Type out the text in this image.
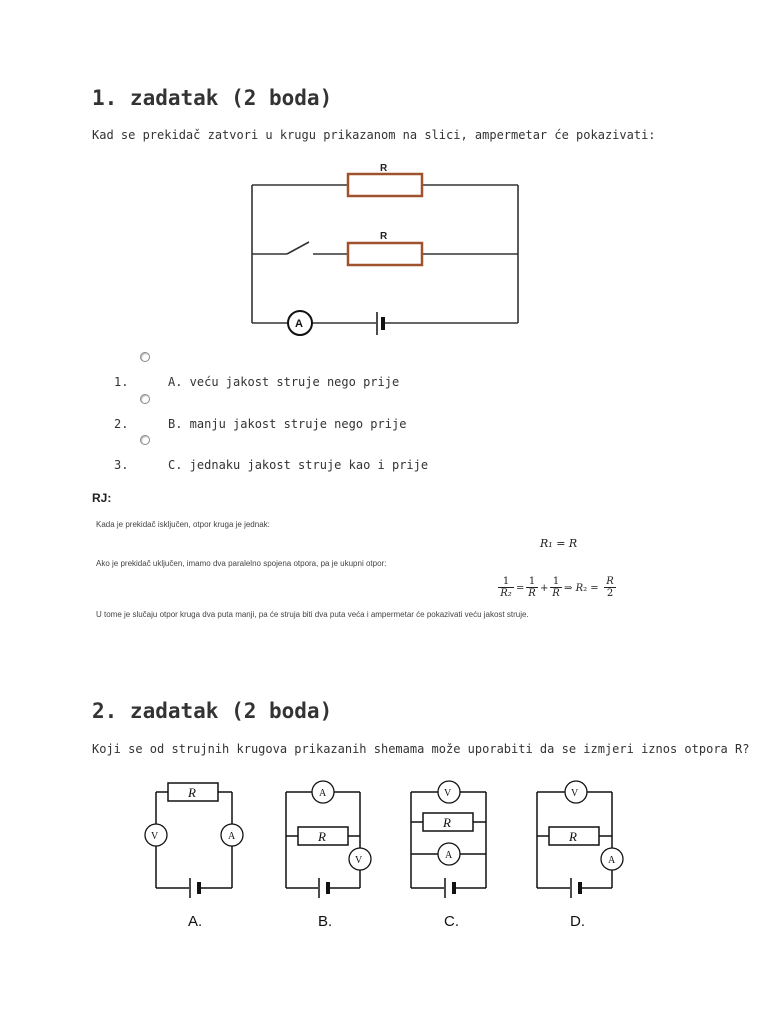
1. zadatak (2 boda)

Kad se prekidač zatvori u krugu prikazanom na slici, ampermetar će pokazivati:

R
R
A
1.	A. veću jakost struje nego prije
2.	B. manju jakost struje nego prije
3.	C. jednaku jakost struje kao i prije
RJ:
Kada je prekidač isključen, otpor kruga je jednak:
R₁ = R
Ako je prekidač uključen, imamo dva paralelno spojena otpora, pa je ukupni otpor:
1
R₂ =
1
R +
1
R ⇒ R₂ =
R
2
U tome je slučaju otpor kruga dva puta manji, pa će struja biti dva puta veća i ampermetar će pokazivati veću jakost struje.
2. zadatak (2 boda)

Koji se od strujnih krugova prikazanih shemama može uporabiti da se izmjeri iznos otpora R?

R
V	A
A.
A
R
V
B.
V
R
A
C.
V
R
A
D.
